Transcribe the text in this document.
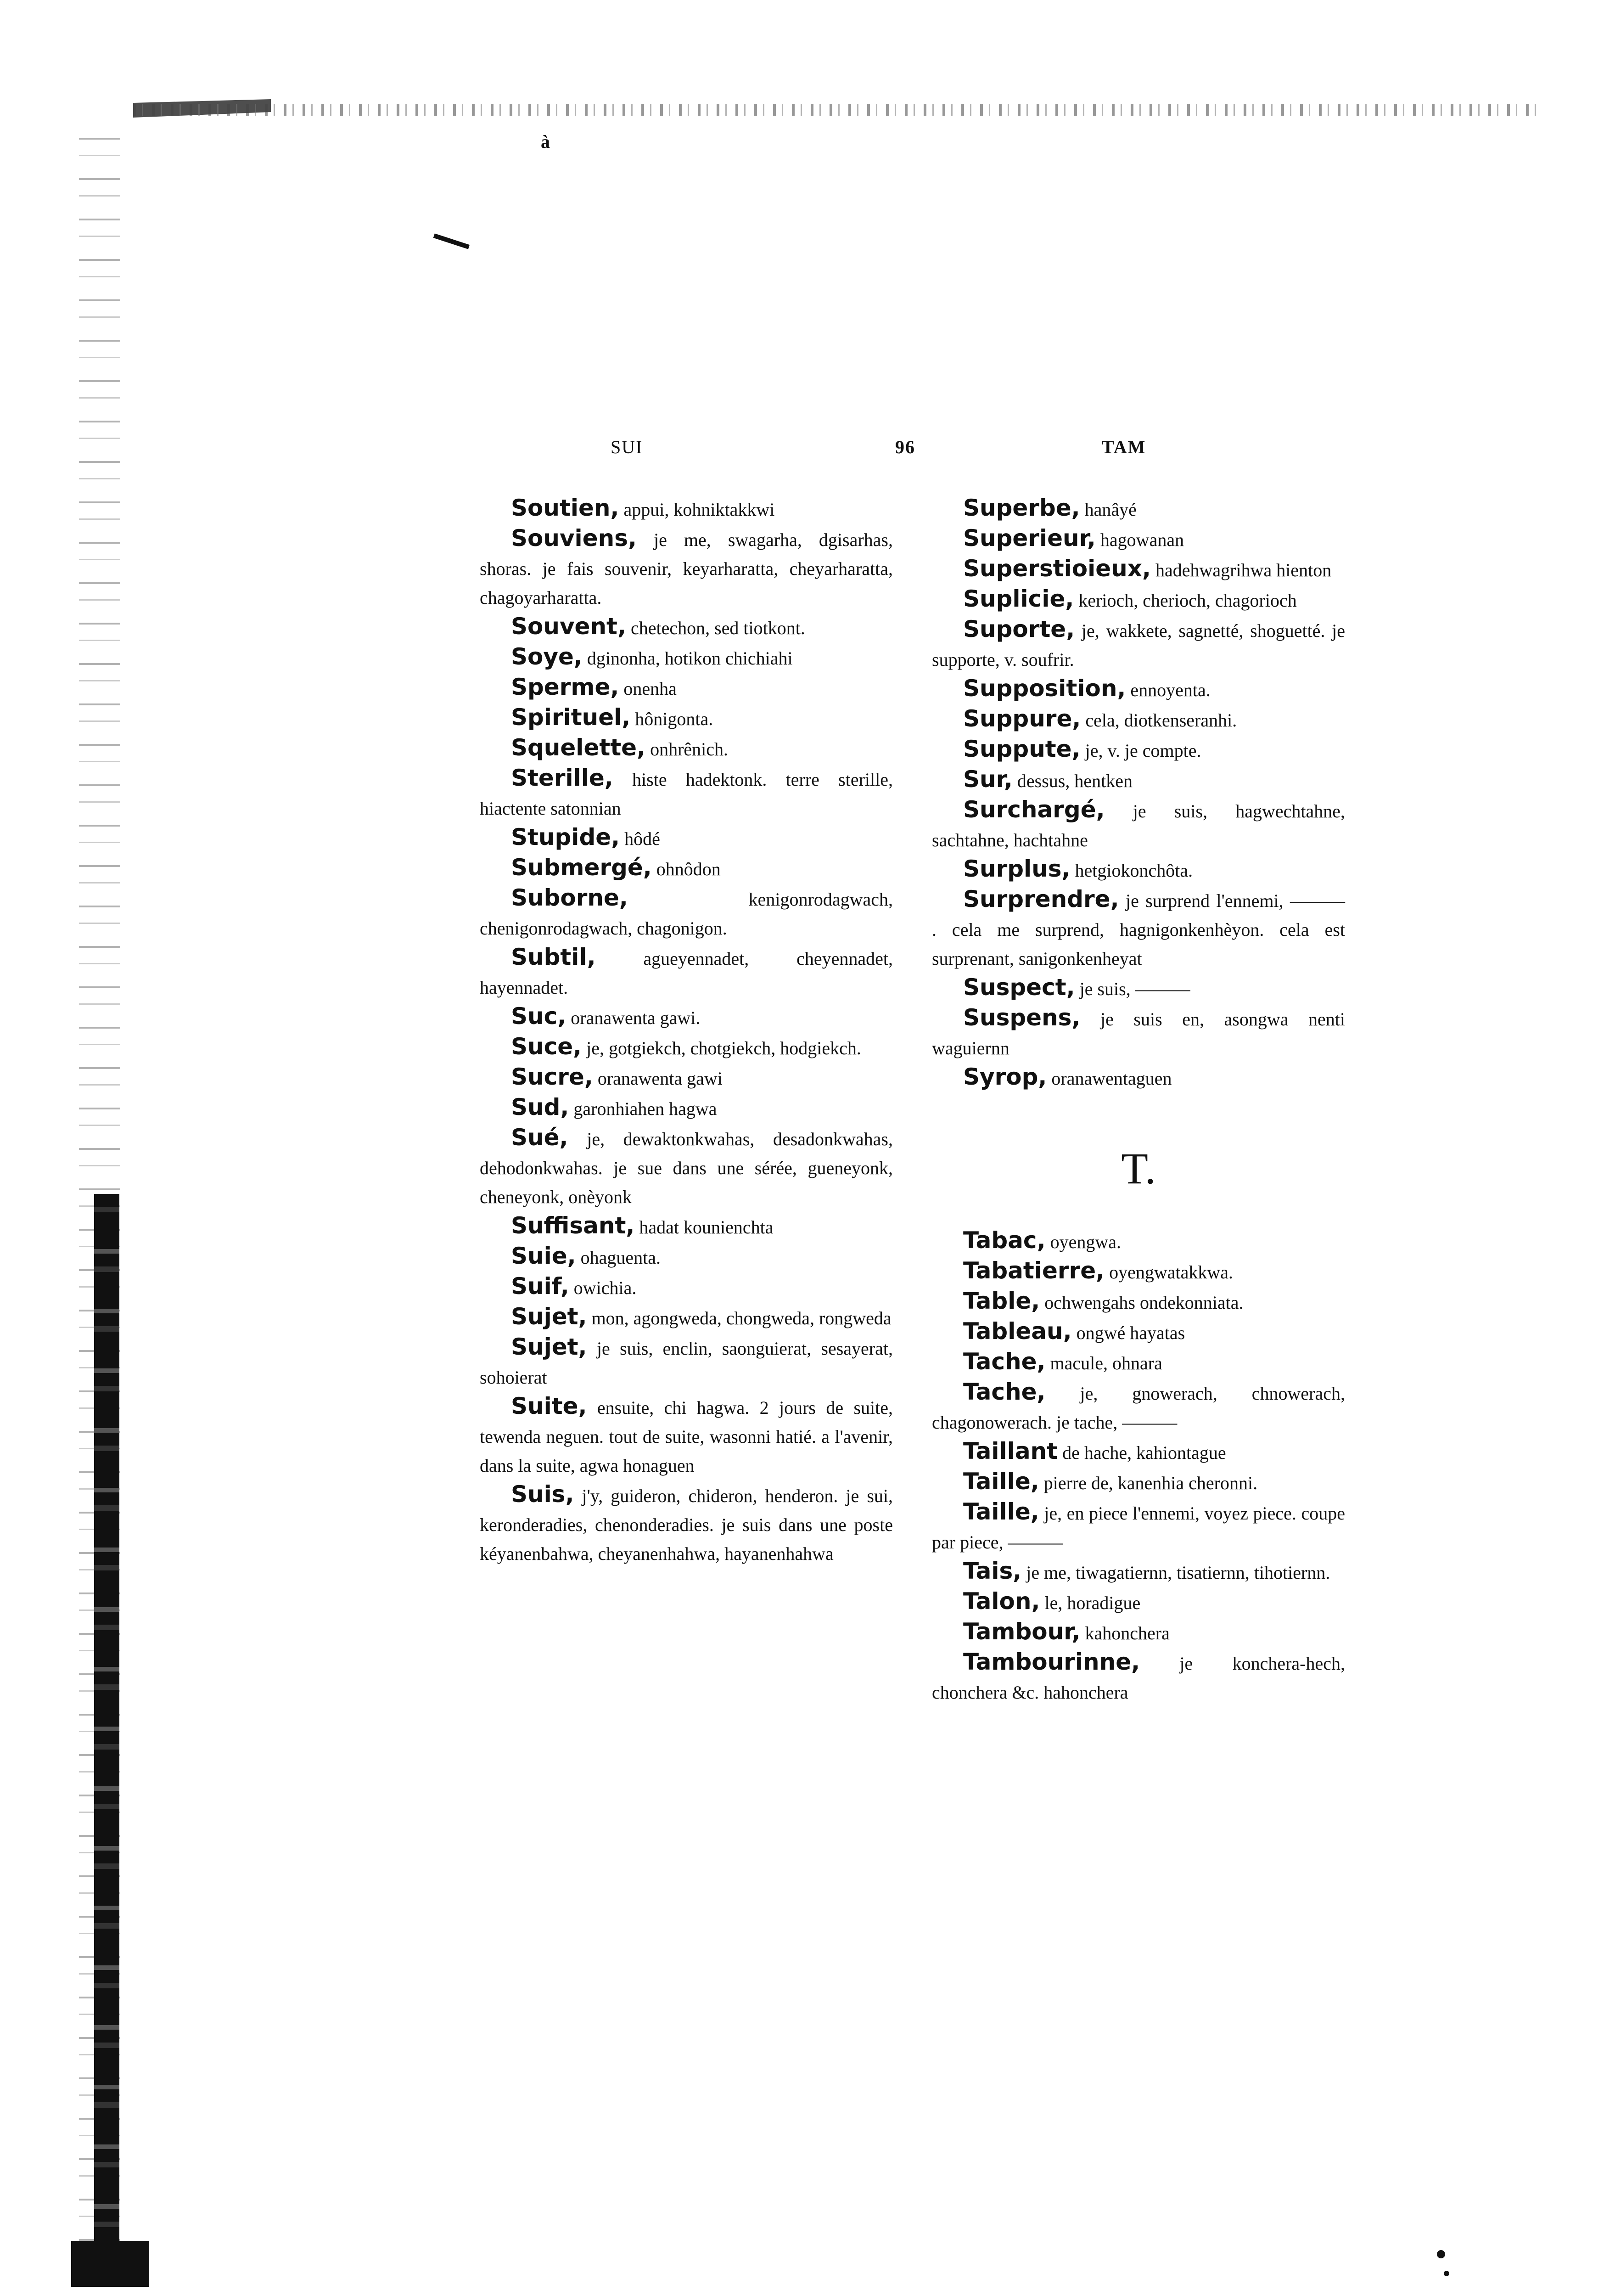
à
SUI	96	TAM

Soutien, appui, kohniktakkwi

Souviens, je me, swagarha, dgisarhas, shoras. je fais souvenir, keyarharatta, cheyarharatta, chagoyarharatta.

Souvent, chetechon, sed tiotkont.

Soye, dginonha, hotikon chichiahi

Sperme, onenha

Spirituel, hônigonta.

Squelette, onhrênich.

Sterille, histe hadektonk. terre sterille, hiactente satonnian

Stupide, hôdé

Submergé, ohnôdon

Suborne, kenigonrodagwach, chenigonrodagwach, chagonigon.

Subtil, agueyennadet, cheyennadet, hayennadet.

Suc, oranawenta gawi.

Suce, je, gotgiekch, chotgiekch, hodgiekch.

Sucre, oranawenta gawi

Sud, garonhiahen hagwa

Sué, je, dewaktonkwahas, desadonkwahas, dehodonkwahas. je sue dans une sérée, gueneyonk, cheneyonk, onèyonk

Suffisant, hadat kounienchta

Suie, ohaguenta.

Suif, owichia.

Sujet, mon, agongweda, chongweda, rongweda

Sujet, je suis, enclin, saonguierat, sesayerat, sohoierat

Suite, ensuite, chi hagwa. 2 jours de suite, tewenda neguen. tout de suite, wasonni hatié. a l'avenir, dans la suite, agwa honaguen

Suis, j'y, guideron, chideron, henderon. je sui, keronderadies, chenonderadies. je suis dans une poste kéyanenbahwa, cheyanenhahwa, hayanenhahwa

Superbe, hanâyé

Superieur, hagowanan

Superstioieux, hadehwagrihwa hienton

Suplicie, kerioch, cherioch, chagorioch

Suporte, je, wakkete, sagnetté, shoguetté. je supporte, v. soufrir.

Supposition, ennoyenta.

Suppure, cela, diotkenseranhi.

Suppute, je, v. je compte.

Sur, dessus, hentken

Surchargé, je suis, hagwechtahne, sachtahne, hachtahne

Surplus, hetgiokonchôta.

Surprendre, je surprend l'ennemi, ——— . cela me surprend, hagnigonkenhèyon. cela est surprenant, sanigonkenheyat

Suspect, je suis, ———

Suspens, je suis en, asongwa nenti waguiernn

Syrop, oranawentaguen

T.

Tabac, oyengwa.

Tabatierre, oyengwatakkwa.

Table, ochwengahs ondekonniata.

Tableau, ongwé hayatas

Tache, macule, ohnara

Tache, je, gnowerach, chnowerach, chagonowerach. je tache, ———

Taillant de hache, kahiontague

Taille, pierre de, kanenhia cheronni.

Taille, je, en piece l'ennemi, voyez piece. coupe par piece, ———

Tais, je me, tiwagatiernn, tisatiernn, tihotiernn.

Talon, le, horadigue

Tambour, kahonchera

Tambourinne, je konchera-hech, chonchera &c. hahonchera
